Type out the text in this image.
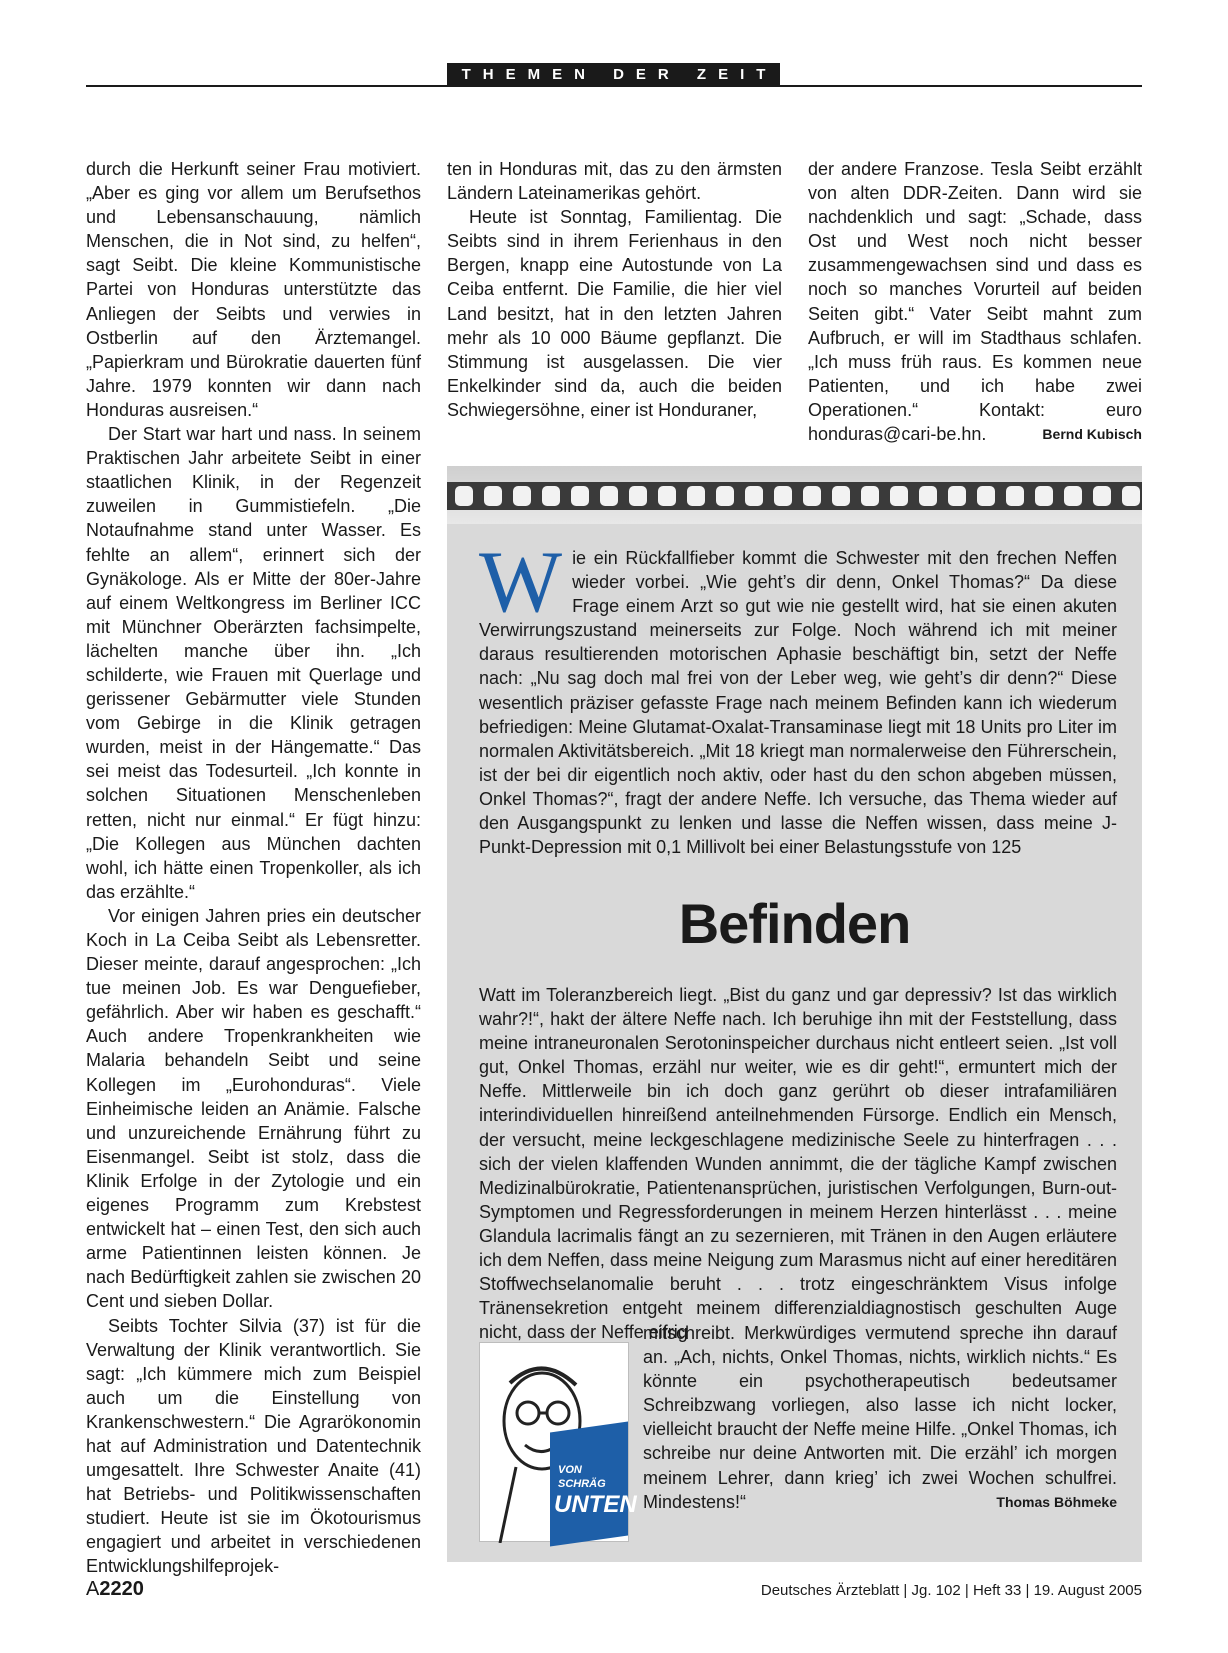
THEMEN DER ZEIT

durch die Herkunft seiner Frau motiviert. „Aber es ging vor allem um Berufsethos und Lebensanschauung, nämlich Menschen, die in Not sind, zu helfen“, sagt Seibt. Die kleine Kommunistische Partei von Honduras unterstützte das Anliegen der Seibts und verwies in Ostberlin auf den Ärztemangel. „Papierkram und Bürokratie dauerten fünf Jahre. 1979 konnten wir dann nach Honduras ausreisen.“

Der Start war hart und nass. In seinem Praktischen Jahr arbeitete Seibt in einer staatlichen Klinik, in der Regenzeit zuweilen in Gummistiefeln. „Die Notaufnahme stand unter Wasser. Es fehlte an allem“, erinnert sich der Gynäkologe. Als er Mitte der 80er-Jahre auf einem Weltkongress im Berliner ICC mit Münchner Oberärzten fachsimpelte, lächelten manche über ihn. „Ich schilderte, wie Frauen mit Querlage und gerissener Gebärmutter viele Stunden vom Gebirge in die Klinik getragen wurden, meist in der Hängematte.“ Das sei meist das Todesurteil. „Ich konnte in solchen Situationen Menschenleben retten, nicht nur einmal.“ Er fügt hinzu: „Die Kollegen aus München dachten wohl, ich hätte einen Tropenkoller, als ich das erzählte.“

Vor einigen Jahren pries ein deutscher Koch in La Ceiba Seibt als Lebensretter. Dieser meinte, darauf angesprochen: „Ich tue meinen Job. Es war Denguefieber, gefährlich. Aber wir haben es geschafft.“ Auch andere Tropenkrankheiten wie Malaria behandeln Seibt und seine Kollegen im „Eurohonduras“. Viele Einheimische leiden an Anämie. Falsche und unzureichende Ernährung führt zu Eisenmangel. Seibt ist stolz, dass die Klinik Erfolge in der Zytologie und ein eigenes Programm zum Krebstest entwickelt hat – einen Test, den sich auch arme Patientinnen leisten können. Je nach Bedürftigkeit zahlen sie zwischen 20 Cent und sieben Dollar.

Seibts Tochter Silvia (37) ist für die Verwaltung der Klinik verantwortlich. Sie sagt: „Ich kümmere mich zum Beispiel auch um die Einstellung von Krankenschwestern.“ Die Agrarökonomin hat auf Administration und Datentechnik umgesattelt. Ihre Schwester Anaite (41) hat Betriebs- und Politikwissenschaften studiert. Heute ist sie im Ökotourismus engagiert und arbeitet in verschiedenen Entwicklungshilfeprojek-

ten in Honduras mit, das zu den ärmsten Ländern Lateinamerikas gehört.

Heute ist Sonntag, Familientag. Die Seibts sind in ihrem Ferienhaus in den Bergen, knapp eine Autostunde von La Ceiba entfernt. Die Familie, die hier viel Land besitzt, hat in den letzten Jahren mehr als 10 000 Bäume gepflanzt. Die Stimmung ist ausgelassen. Die vier Enkelkinder sind da, auch die beiden Schwiegersöhne, einer ist Honduraner,

der andere Franzose. Tesla Seibt erzählt von alten DDR-Zeiten. Dann wird sie nachdenklich und sagt: „Schade, dass Ost und West noch nicht besser zusammengewachsen sind und dass es noch so manches Vorurteil auf beiden Seiten gibt.“ Vater Seibt mahnt zum Aufbruch, er will im Stadthaus schlafen. „Ich muss früh raus. Es kommen neue Patienten, und ich habe zwei Operationen.“ Kontakt: euro honduras@cari-be.hn.	Bernd Kubisch

W ie ein Rückfallfieber kommt die Schwester mit den frechen Neffen wieder vorbei. „Wie geht’s dir denn, Onkel Thomas?“ Da diese Frage einem Arzt so gut wie nie gestellt wird, hat sie einen akuten Verwirrungszustand meinerseits zur Folge. Noch während ich mit meiner daraus resultierenden motorischen Aphasie beschäftigt bin, setzt der Neffe nach: „Nu sag doch mal frei von der Leber weg, wie geht’s dir denn?“ Diese wesentlich präziser gefasste Frage nach meinem Befinden kann ich wiederum befriedigen: Meine Glutamat-Oxalat-Transaminase liegt mit 18 Units pro Liter im normalen Aktivitätsbereich. „Mit 18 kriegt man normalerweise den Führerschein, ist der bei dir eigentlich noch aktiv, oder hast du den schon abgeben müssen, Onkel Thomas?“, fragt der andere Neffe. Ich versuche, das Thema wieder auf den Ausgangspunkt zu lenken und lasse die Neffen wissen, dass meine J-Punkt-Depression mit 0,1 Millivolt bei einer Belastungsstufe von 125
Befinden
Watt im Toleranzbereich liegt. „Bist du ganz und gar depressiv? Ist das wirklich wahr?!“, hakt der ältere Neffe nach. Ich beruhige ihn mit der Feststellung, dass meine intraneuronalen Serotoninspeicher durchaus nicht entleert seien. „Ist voll gut, Onkel Thomas, erzähl nur weiter, wie es dir geht!“, ermuntert mich der Neffe. Mittlerweile bin ich doch ganz gerührt ob dieser intrafamiliären interindividuellen hinreißend anteilnehmenden Fürsorge. Endlich ein Mensch, der versucht, meine leckgeschlagene medizinische Seele zu hinterfragen . . . sich der vielen klaffenden Wunden annimmt, die der tägliche Kampf zwischen Medizinalbürokratie, Patientenansprüchen, juristischen Verfolgungen, Burn-out-Symptomen und Regressforderungen in meinem Herzen hinterlässt . . . meine Glandula lacrimalis fängt an zu sezernieren, mit Tränen in den Augen erläutere ich dem Neffen, dass meine Neigung zum Marasmus nicht auf einer hereditären Stoffwechselanomalie beruht . . . trotz eingeschränktem Visus infolge Tränensekretion entgeht meinem differenzialdiagnostisch geschulten Auge nicht, dass der Neffe eifrig
mitschreibt. Merkwürdiges vermutend spreche ihn darauf an. „Ach, nichts, Onkel Thomas, nichts, wirklich nichts.“ Es könnte ein psychotherapeutisch bedeutsamer Schreibzwang vorliegen, also lasse ich nicht locker, vielleicht braucht der Neffe meine Hilfe. „Onkel Thomas, ich schreibe nur deine Antworten mit. Die erzähl’ ich morgen meinem Lehrer, dann krieg’ ich zwei Wochen schulfrei. Mindestens!“	Thomas Böhmeke
VON SCHRÄG
UNTEN
A2220	Deutsches Ärzteblatt | Jg. 102 | Heft 33 | 19. August 2005
